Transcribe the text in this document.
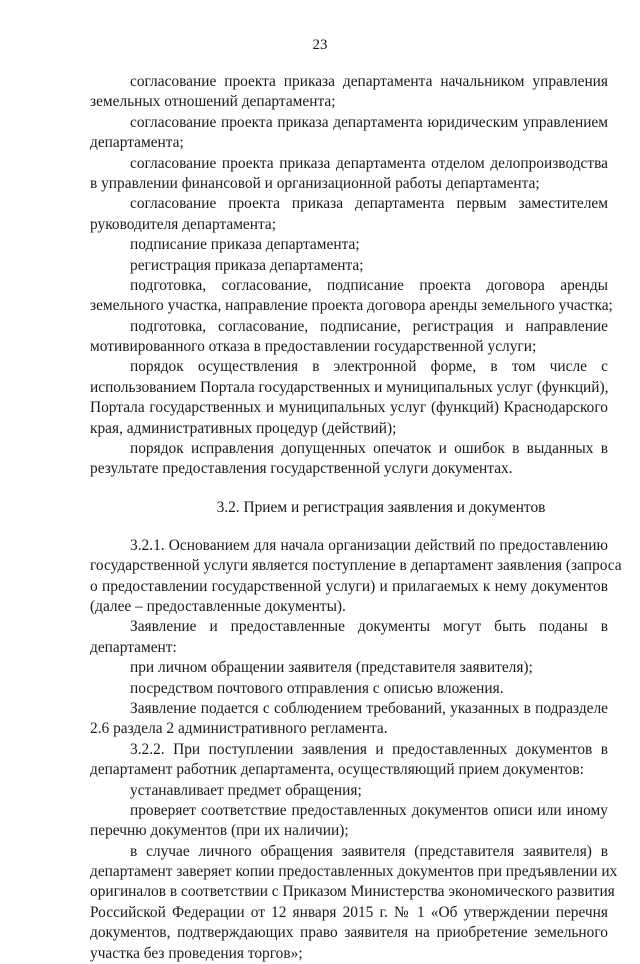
23
согласование проекта приказа департамента начальником управления
земельных отношений департамента;
согласование проекта приказа департамента юридическим управлением
департамента;
согласование проекта приказа департамента отделом делопроизводства
в управлении финансовой и организационной работы департамента;
согласование проекта приказа департамента первым заместителем
руководителя департамента;
подписание приказа департамента;
регистрация приказа департамента;
подготовка, согласование, подписание проекта договора аренды
земельного участка, направление проекта договора аренды земельного участка;
подготовка, согласование, подписание, регистрация и направление
мотивированного отказа в предоставлении государственной услуги;
порядок осуществления в электронной форме, в том числе с
использованием Портала государственных и муниципальных услуг (функций),
Портала государственных и муниципальных услуг (функций) Краснодарского
края, административных процедур (действий);
порядок исправления допущенных опечаток и ошибок в выданных в
результате предоставления государственной услуги документах.
3.2. Прием и регистрация заявления и документов
3.2.1. Основанием для начала организации действий по предоставлению
государственной услуги является поступление в департамент заявления (запроса
о предоставлении государственной услуги) и прилагаемых к нему документов
(далее – предоставленные документы).
Заявление и предоставленные документы могут быть поданы в
департамент:
при личном обращении заявителя (представителя заявителя);
посредством почтового отправления с описью вложения.
Заявление подается с соблюдением требований, указанных в подразделе
2.6 раздела 2 административного регламента.
3.2.2. При поступлении заявления и предоставленных документов в
департамент работник департамента, осуществляющий прием документов:
устанавливает предмет обращения;
проверяет соответствие предоставленных документов описи или иному
перечню документов (при их наличии);
в случае личного обращения заявителя (представителя заявителя) в
департамент заверяет копии предоставленных документов при предъявлении их
оригиналов в соответствии с Приказом Министерства экономического развития
Российской Федерации от 12 января 2015 г. № 1 «Об утверждении перечня
документов, подтверждающих право заявителя на приобретение земельного
участка без проведения торгов»;
